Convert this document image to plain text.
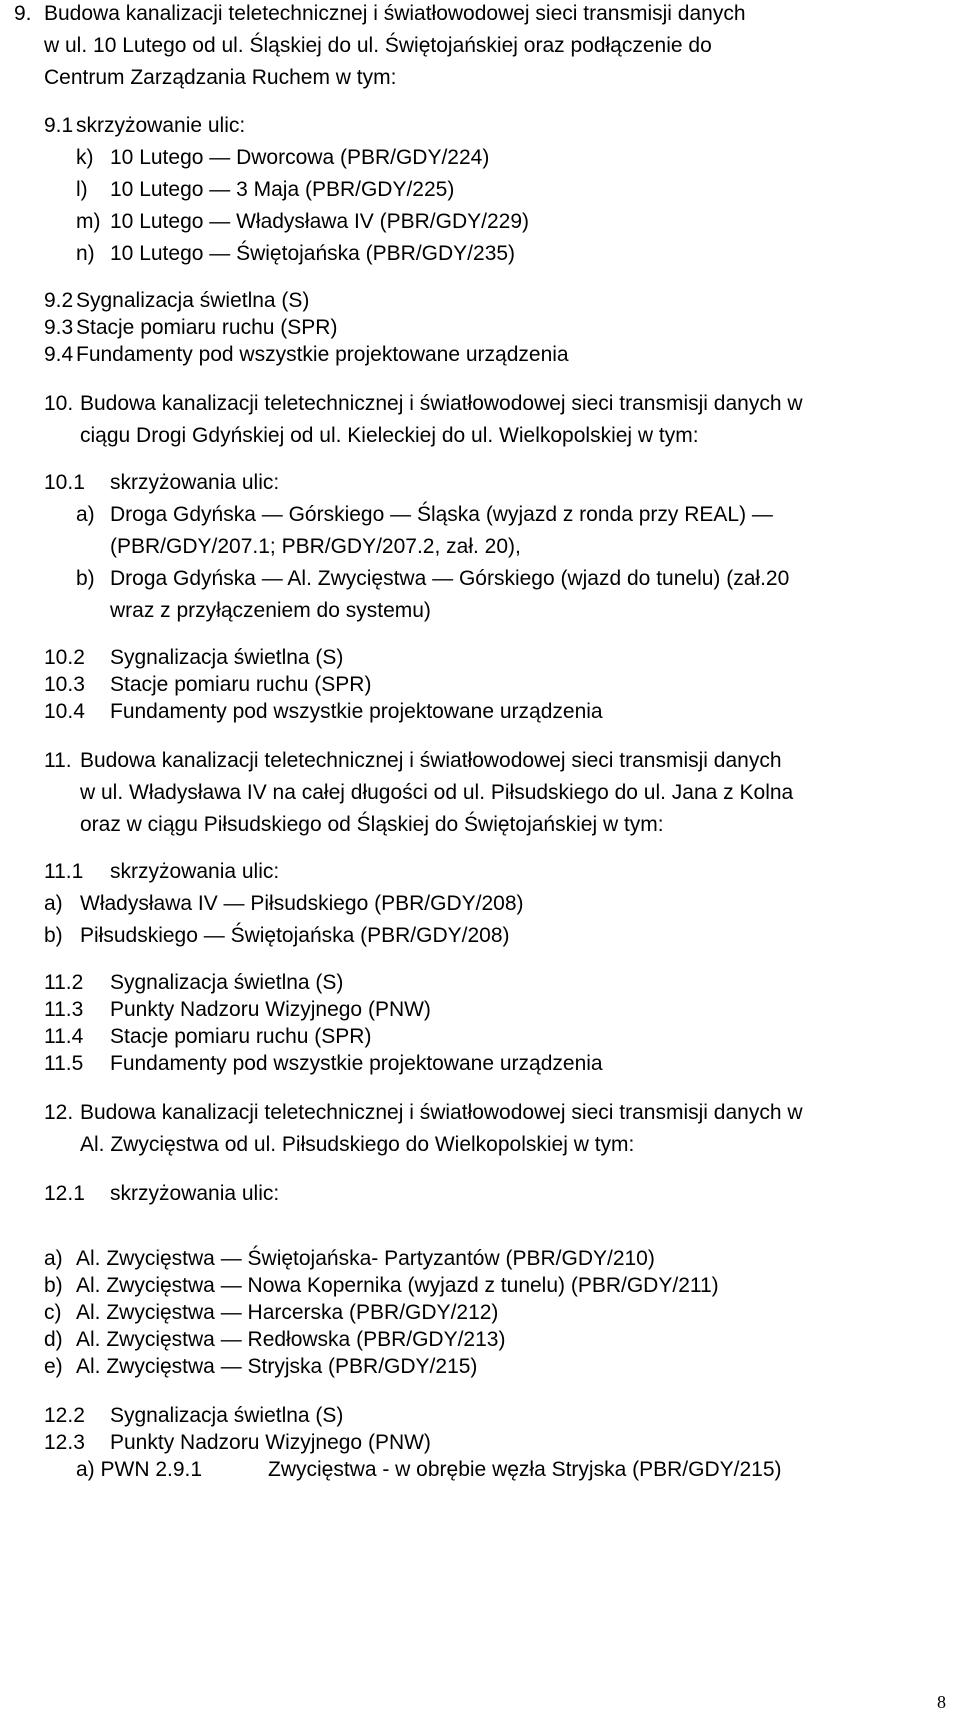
9. Budowa kanalizacji teletechnicznej i światłowodowej sieci transmisji danych
w ul. 10 Lutego od ul. Śląskiej do ul. Świętojańskiej oraz podłączenie do
Centrum Zarządzania Ruchem w tym:
9.1 skrzyżowanie ulic:
k) 10 Lutego — Dworcowa (PBR/GDY/224)
l) 10 Lutego — 3 Maja (PBR/GDY/225)
m) 10 Lutego — Władysława IV (PBR/GDY/229)
n) 10 Lutego — Świętojańska (PBR/GDY/235)
9.2 Sygnalizacja świetlna (S)
9.3 Stacje pomiaru ruchu (SPR)
9.4 Fundamenty pod wszystkie projektowane urządzenia
10. Budowa kanalizacji teletechnicznej i światłowodowej sieci transmisji danych w
ciągu Drogi Gdyńskiej od ul. Kieleckiej do ul. Wielkopolskiej w tym:
10.1 skrzyżowania ulic:
a) Droga Gdyńska — Górskiego — Śląska (wyjazd z ronda przy REAL) —
(PBR/GDY/207.1; PBR/GDY/207.2, zał. 20),
b) Droga Gdyńska — Al. Zwycięstwa — Górskiego (wjazd do tunelu) (zał.20
wraz z przyłączeniem do systemu)
10.2 Sygnalizacja świetlna (S)
10.3 Stacje pomiaru ruchu (SPR)
10.4 Fundamenty pod wszystkie projektowane urządzenia
11. Budowa kanalizacji teletechnicznej i światłowodowej sieci transmisji danych
w ul. Władysława IV na całej długości od ul. Piłsudskiego do ul. Jana z Kolna
oraz w ciągu Piłsudskiego od Śląskiej do Świętojańskiej w tym:
11.1 skrzyżowania ulic:
a) Władysława IV — Piłsudskiego (PBR/GDY/208)
b) Piłsudskiego — Świętojańska (PBR/GDY/208)
11.2 Sygnalizacja świetlna (S)
11.3 Punkty Nadzoru Wizyjnego (PNW)
11.4 Stacje pomiaru ruchu (SPR)
11.5 Fundamenty pod wszystkie projektowane urządzenia
12. Budowa kanalizacji teletechnicznej i światłowodowej sieci transmisji danych w
Al. Zwycięstwa od ul. Piłsudskiego do Wielkopolskiej w tym:
12.1 skrzyżowania ulic:
a) Al. Zwycięstwa — Świętojańska- Partyzantów (PBR/GDY/210)
b) Al. Zwycięstwa — Nowa Kopernika (wyjazd z tunelu) (PBR/GDY/211)
c) Al. Zwycięstwa — Harcerska (PBR/GDY/212)
d) Al. Zwycięstwa — Redłowska (PBR/GDY/213)
e) Al. Zwycięstwa — Stryjska (PBR/GDY/215)
12.2 Sygnalizacja świetlna (S)
12.3 Punkty Nadzoru Wizyjnego (PNW)
a) PWN 2.9.1	Zwycięstwa - w obrębie węzła Stryjska (PBR/GDY/215)
8
